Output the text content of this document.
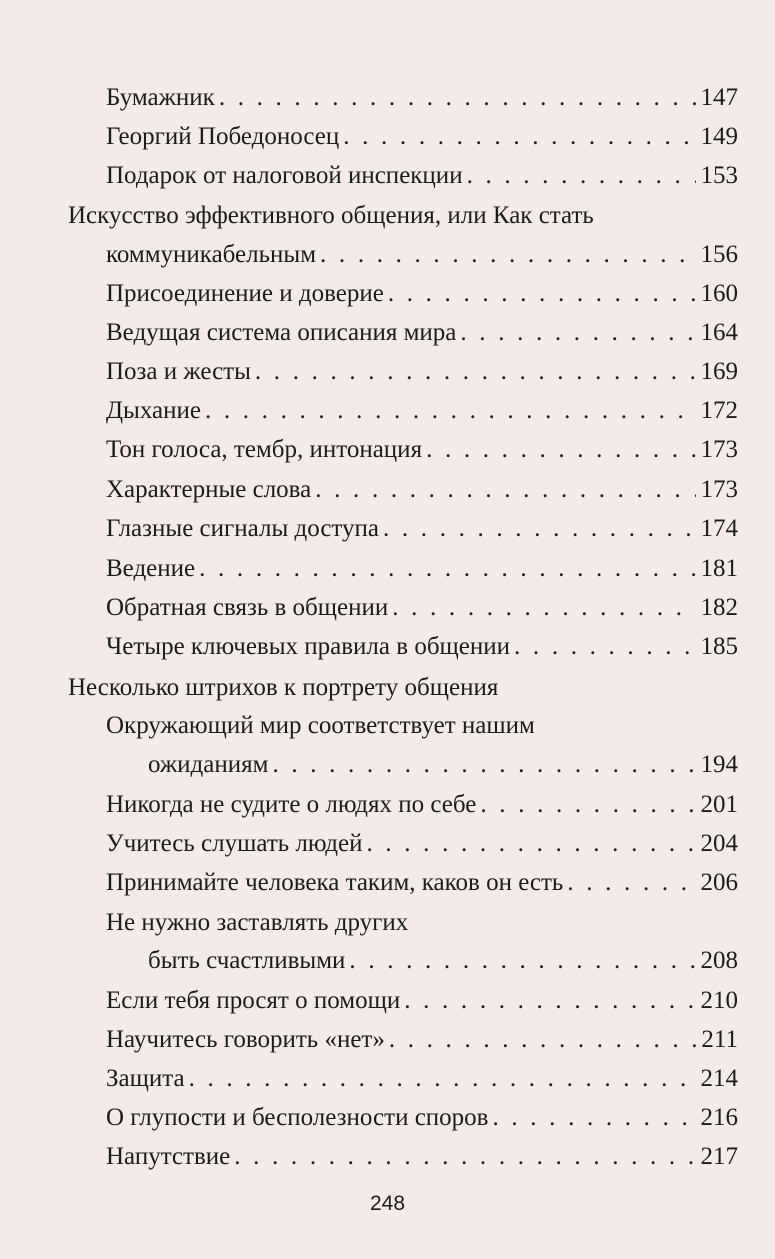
Бумажник . . .	147
Георгий Победоносец . . .	149
Подарок от налоговой инспекции . . .	153
Искусство эффективного общения, или Как стать
коммуникабельным . . .	156
Присоединение и доверие . . .	160
Ведущая система описания мира . . .	164
Поза и жесты . . .	169
Дыхание . . .	172
Тон голоса, тембр, интонация . . .	173
Характерные слова . . .	173
Глазные сигналы доступа . . .	174
Ведение . . .	181
Обратная связь в общении . . .	182
Четыре ключевых правила в общении . . .	185
Несколько штрихов к портрету общения
Окружающий мир соответствует нашим
ожиданиям . . .	194
Никогда не судите о людях по себе . . .	201
Учитесь слушать людей . . .	204
Принимайте человека таким, каков он есть . . .	206
Не нужно заставлять других
быть счастливыми . . .	208
Если тебя просят о помощи . . .	210
Научитесь говорить «нет» . . .	211
Защита . . .	214
О глупости и бесполезности споров . . .	216
Напутствие . . .	217
248
